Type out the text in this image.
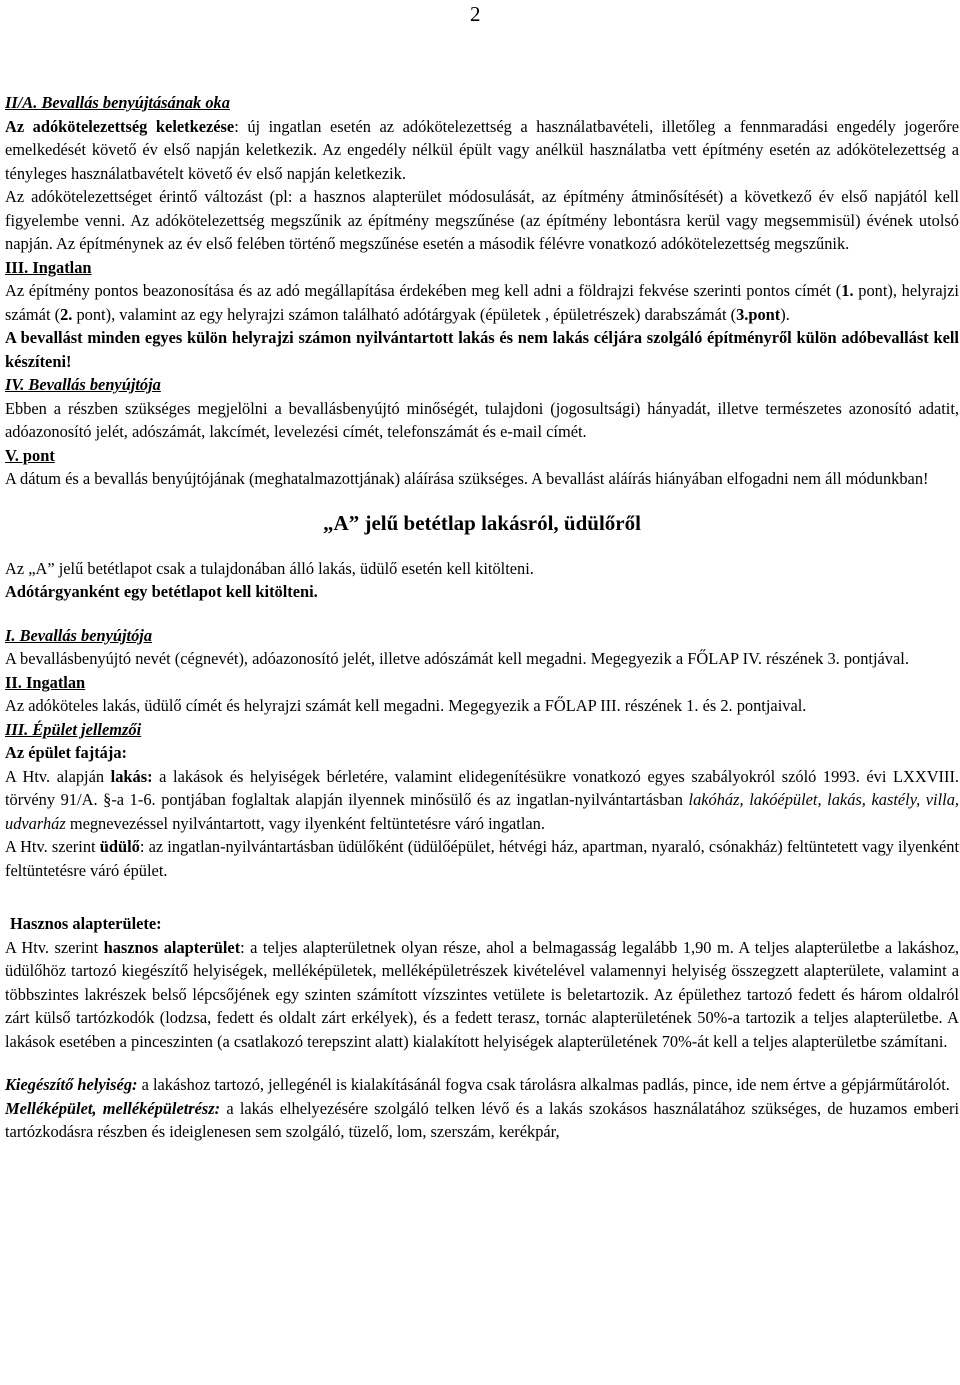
2

II/A. Bevallás benyújtásának oka

Az adókötelezettség keletkezése: új ingatlan esetén az adókötelezettség a használatbavételi, illetőleg a fennmaradási engedély jogerőre emelkedését követő év első napján keletkezik. Az engedély nélkül épült vagy anélkül használatba vett építmény esetén az adókötelezettség a tényleges használatbavételt követő év első napján keletkezik.

Az adókötelezettséget érintő változást (pl: a hasznos alapterület módosulását, az építmény átminősítését) a következő év első napjától kell figyelembe venni. Az adókötelezettség megszűnik az építmény megszűnése (az építmény lebontásra kerül vagy megsemmisül) évének utolsó napján. Az építménynek az év első felében történő megszűnése esetén a második félévre vonatkozó adókötelezettség megszűnik.

III. Ingatlan

Az építmény pontos beazonosítása és az adó megállapítása érdekében meg kell adni a földrajzi fekvése szerinti pontos címét (1. pont), helyrajzi számát (2. pont), valamint az egy helyrajzi számon található adótárgyak (épületek , épületrészek) darabszámát (3.pont).

A bevallást minden egyes külön helyrajzi számon nyilvántartott lakás és nem lakás céljára szolgáló építményről külön adóbevallást kell készíteni!

IV. Bevallás benyújtója

Ebben a részben szükséges megjelölni a bevallásbenyújtó minőségét, tulajdoni (jogosultsági) hányadát, illetve természetes azonosító adatit, adóazonosító jelét, adószámát, lakcímét, levelezési címét, telefonszámát és e-mail címét.

V. pont

A dátum és a bevallás benyújtójának (meghatalmazottjának) aláírása szükséges. A bevallást aláírás hiányában elfogadni nem áll módunkban!

„A” jelű betétlap lakásról, üdülőről

Az „A” jelű betétlapot csak a tulajdonában álló lakás, üdülő esetén kell kitölteni.

Adótárgyanként egy betétlapot kell kitölteni.

I. Bevallás benyújtója

A bevallásbenyújtó nevét (cégnevét), adóazonosító jelét, illetve adószámát kell megadni. Megegyezik a FŐLAP IV. részének 3. pontjával.

II. Ingatlan

Az adóköteles lakás, üdülő címét és helyrajzi számát kell megadni. Megegyezik a FŐLAP III. részének 1. és 2. pontjaival.

III. Épület jellemzői

Az épület fajtája:

A Htv. alapján lakás: a lakások és helyiségek bérletére, valamint elidegenítésükre vonatkozó egyes szabályokról szóló 1993. évi LXXVIII. törvény 91/A. §-a 1-6. pontjában foglaltak alapján ilyennek minősülő és az ingatlan-nyilvántartásban lakóház, lakóépület, lakás, kastély, villa, udvarház megnevezéssel nyilvántartott, vagy ilyenként feltüntetésre váró ingatlan.

A Htv. szerint üdülő: az ingatlan-nyilvántartásban üdülőként (üdülőépület, hétvégi ház, apartman, nyaraló, csónakház) feltüntetett vagy ilyenként feltüntetésre váró épület.

Hasznos alapterülete:

A Htv. szerint hasznos alapterület: a teljes alapterületnek olyan része, ahol a belmagasság legalább 1,90 m. A teljes alapterületbe a lakáshoz, üdülőhöz tartozó kiegészítő helyiségek, melléképületek, melléképületrészek kivételével valamennyi helyiség összegzett alapterülete, valamint a többszintes lakrészek belső lépcsőjének egy szinten számított vízszintes vetülete is beletartozik. Az épülethez tartozó fedett és három oldalról zárt külső tartózkodók (lodzsa, fedett és oldalt zárt erkélyek), és a fedett terasz, tornác alapterületének 50%-a tartozik a teljes alapterületbe. A lakások esetében a pinceszinten (a csatlakozó terepszint alatt) kialakított helyiségek alapterületének 70%-át kell a teljes alapterületbe számítani.

Kiegészítő helyiség: a lakáshoz tartozó, jellegénél is kialakításánál fogva csak tárolásra alkalmas padlás, pince, ide nem értve a gépjárműtárolót.

Melléképület, melléképületrész: a lakás elhelyezésére szolgáló telken lévő és a lakás szokásos használatához szükséges, de huzamos emberi tartózkodásra részben és ideiglenesen sem szolgáló, tüzelő, lom, szerszám, kerékpár,
